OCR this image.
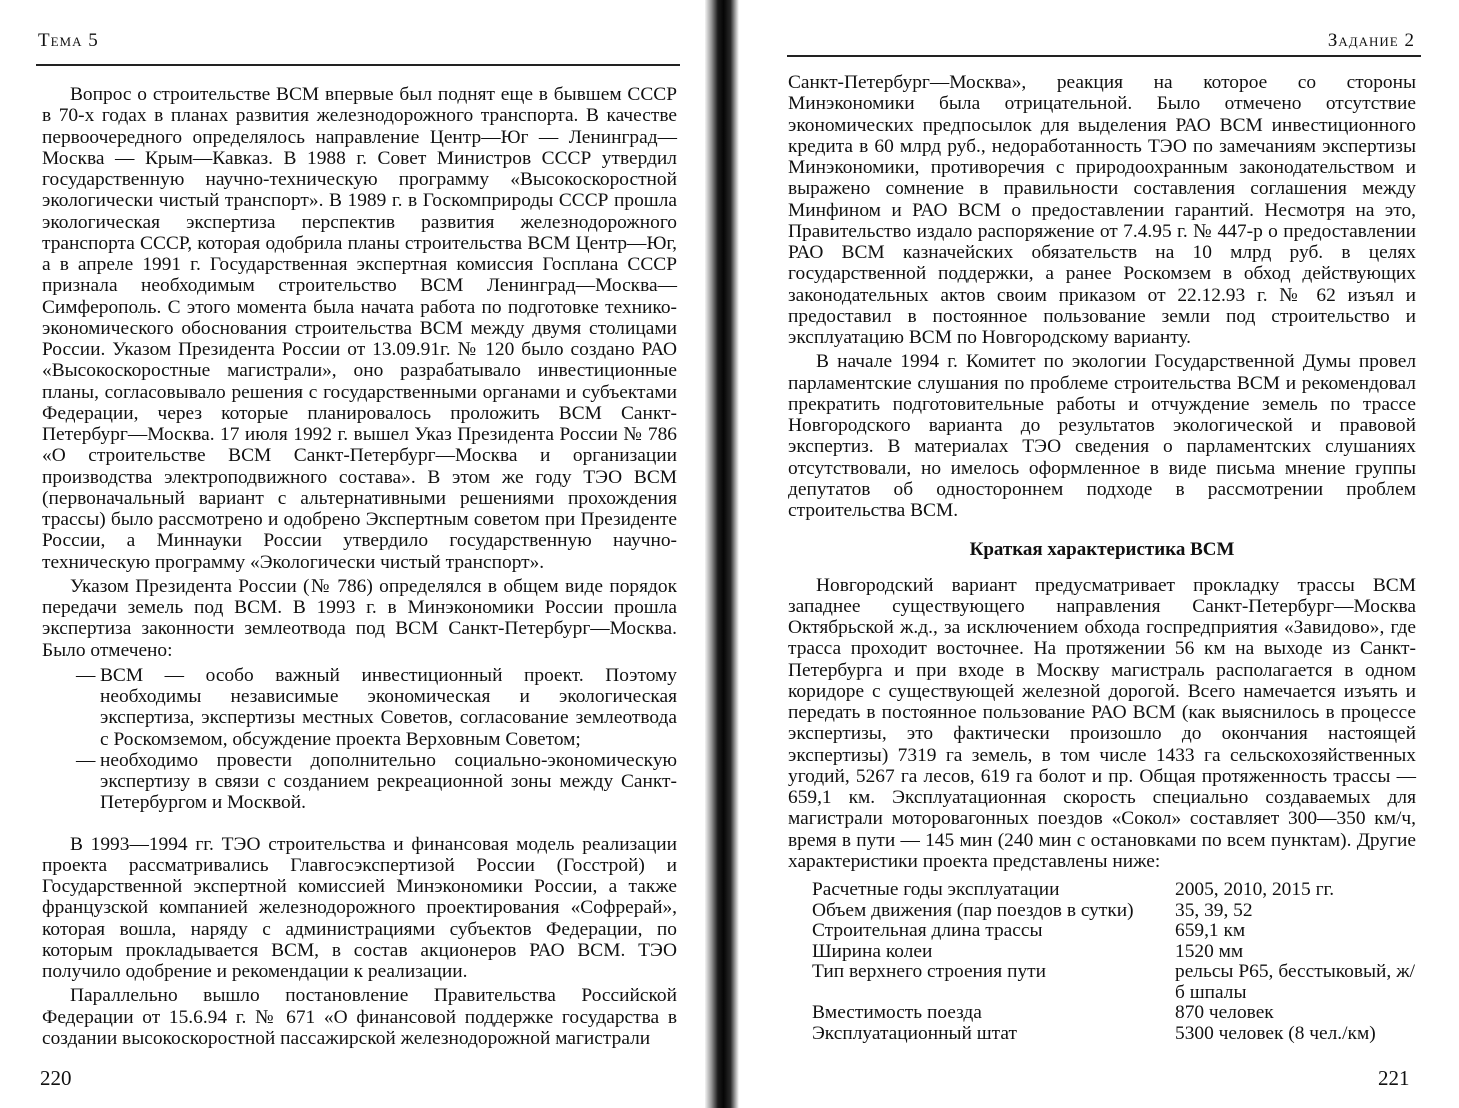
Тема 5

Вопрос о строительстве ВСМ впервые был поднят еще в бывшем СССР в 70-х годах в планах развития железнодорожного транспорта. В качестве первоочередного определялось направление Центр—Юг — Ленинград—Москва — Крым—Кавказ. В 1988 г. Совет Министров СССР утвердил государственную научно-техническую программу «Высокоскоростной экологически чистый транспорт». В 1989 г. в Госкомприроды СССР прошла экологическая экспертиза перспектив развития железнодорожного транспорта СССР, которая одобрила планы строительства ВСМ Центр—Юг, а в апреле 1991 г. Государственная экспертная комиссия Госплана СССР признала необходимым строительство ВСМ Ленинград—Москва—Симферополь. С этого момента была начата работа по подготовке технико-экономического обоснования строительства ВСМ между двумя столицами России. Указом Президента России от 13.09.91г. № 120 было создано РАО «Высокоскоростные магистрали», оно разрабатывало инвестиционные планы, согласовывало решения с государственными органами и субъектами Федерации, через которые планировалось проложить ВСМ Санкт-Петербург—Москва. 17 июля 1992 г. вышел Указ Президента России № 786 «О строительстве ВСМ Санкт-Петербург—Москва и организации производства электроподвижного состава». В этом же году ТЭО ВСМ (первоначальный вариант с альтернативными решениями прохождения трассы) было рассмотрено и одобрено Экспертным советом при Президенте России, а Миннауки России утвердило государственную научно-техническую программу «Экологически чистый транспорт».

Указом Президента России (№ 786) определялся в общем виде порядок передачи земель под ВСМ. В 1993 г. в Минэкономики России прошла экспертиза законности землеотвода под ВСМ Санкт-Петербург—Москва. Было отмечено:

— ВСМ — особо важный инвестиционный проект. Поэтому необходимы независимые экономическая и экологическая экспертиза, экспертизы местных Советов, согласование землеотвода с Роскомземом, обсуждение проекта Верховным Советом;
— необходимо провести дополнительно социально-экономическую экспертизу в связи с созданием рекреационной зоны между Санкт-Петербургом и Москвой.

В 1993—1994 гг. ТЭО строительства и финансовая модель реализации проекта рассматривались Главгосэкспертизой России (Госстрой) и Государственной экспертной комиссией Минэкономики России, а также французской компанией железнодорожного проектирования «Софрерай», которая вошла, наряду с администрациями субъектов Федерации, по которым прокладывается ВСМ, в состав акционеров РАО ВСМ. ТЭО получило одобрение и рекомендации к реализации.

Параллельно вышло постановление Правительства Российской Федерации от 15.6.94 г. № 671 «О финансовой поддержке государства в создании высокоскоростной пассажирской железнодорожной магистрали

220
Задание 2

Санкт-Петербург—Москва», реакция на которое со стороны Минэкономики была отрицательной. Было отмечено отсутствие экономических предпосылок для выделения РАО ВСМ инвестиционного кредита в 60 млрд руб., недоработанность ТЭО по замечаниям экспертизы Минэкономики, противоречия с природоохранным законодательством и выражено сомнение в правильности составления соглашения между Минфином и РАО ВСМ о предоставлении гарантий. Несмотря на это, Правительство издало распоряжение от 7.4.95 г. № 447-р о предоставлении РАО ВСМ казначейских обязательств на 10 млрд руб. в целях государственной поддержки, а ранее Роскомзем в обход действующих законодательных актов своим приказом от 22.12.93 г. № 62 изъял и предоставил в постоянное пользование земли под строительство и эксплуатацию ВСМ по Новгородскому варианту.

В начале 1994 г. Комитет по экологии Государственной Думы провел парламентские слушания по проблеме строительства ВСМ и рекомендовал прекратить подготовительные работы и отчуждение земель по трассе Новгородского варианта до результатов экологической и правовой экспертиз. В материалах ТЭО сведения о парламентских слушаниях отсутствовали, но имелось оформленное в виде письма мнение группы депутатов об одностороннем подходе в рассмотрении проблем строительства ВСМ.

Краткая характеристика ВСМ

Новгородский вариант предусматривает прокладку трассы ВСМ западнее существующего направления Санкт-Петербург—Москва Октябрьской ж.д., за исключением обхода госпредприятия «Завидово», где трасса проходит восточнее. На протяжении 56 км на выходе из Санкт-Петербурга и при входе в Москву магистраль располагается в одном коридоре с существующей железной дорогой. Всего намечается изъять и передать в постоянное пользование РАО ВСМ (как выяснилось в процессе экспертизы, это фактически произошло до окончания настоящей экспертизы) 7319 га земель, в том числе 1433 га сельскохозяйственных угодий, 5267 га лесов, 619 га болот и пр. Общая протяженность трассы — 659,1 км. Эксплуатационная скорость специально создаваемых для магистрали моторовагонных поездов «Сокол» составляет 300—350 км/ч, время в пути — 145 мин (240 мин с остановками по всем пунктам). Другие характеристики проекта представлены ниже:

Расчетные годы эксплуатации	2005, 2010, 2015 гг.
Объем движения (пар поездов в сутки)	35, 39, 52
Строительная длина трассы	659,1 км
Ширина колеи	1520 мм
Тип верхнего строения пути	рельсы Р65, бесстыковый, ж/б шпалы
Вместимость поезда	870 человек
Эксплуатационный штат	5300 человек (8 чел./км)
221
